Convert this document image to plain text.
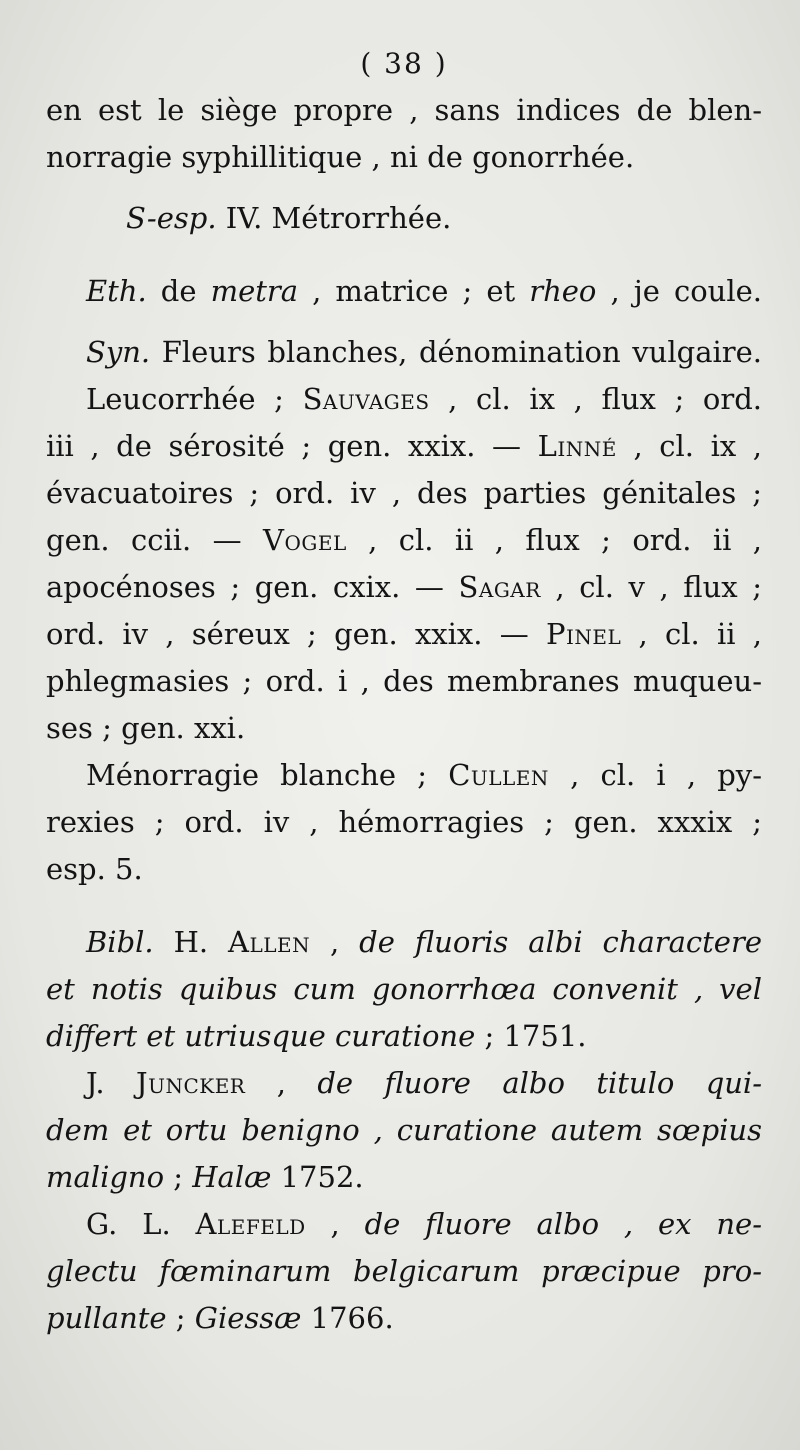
( 38 )
en est le siège propre , sans indices de blen-
norragie syphillitique , ni de gonorrhée.
S-esp. IV. Métrorrhée.
Eth. de metra , matrice ; et rheo , je coule.
Syn. Fleurs blanches, dénomination vulgaire.
Leucorrhée ; Sauvages , cl. ix , flux ; ord.
iii , de sérosité ; gen. xxix. — Linné , cl. ix ,
évacuatoires ; ord. iv , des parties génitales ;
gen. ccii. — Vogel , cl. ii , flux ; ord. ii ,
apocénoses ; gen. cxix. — Sagar , cl. v , flux ;
ord. iv , séreux ; gen. xxix. — Pinel , cl. ii ,
phlegmasies ; ord. i , des membranes muqueu-
ses ; gen. xxi.
Ménorragie blanche ; Cullen , cl. i , py-
rexies ; ord. iv , hémorragies ; gen. xxxix ;
esp. 5.
Bibl. H. Allen , de fluoris albi charactere
et notis quibus cum gonorrhœa convenit , vel
differt et utriusque curatione ; 1751.
J. Juncker , de fluore albo titulo qui-
dem et ortu benigno , curatione autem sœpius
maligno ; Halæ 1752.
G. L. Alefeld , de fluore albo , ex ne-
glectu fœminarum belgicarum præcipue pro-
pullante ; Giessæ 1766.
